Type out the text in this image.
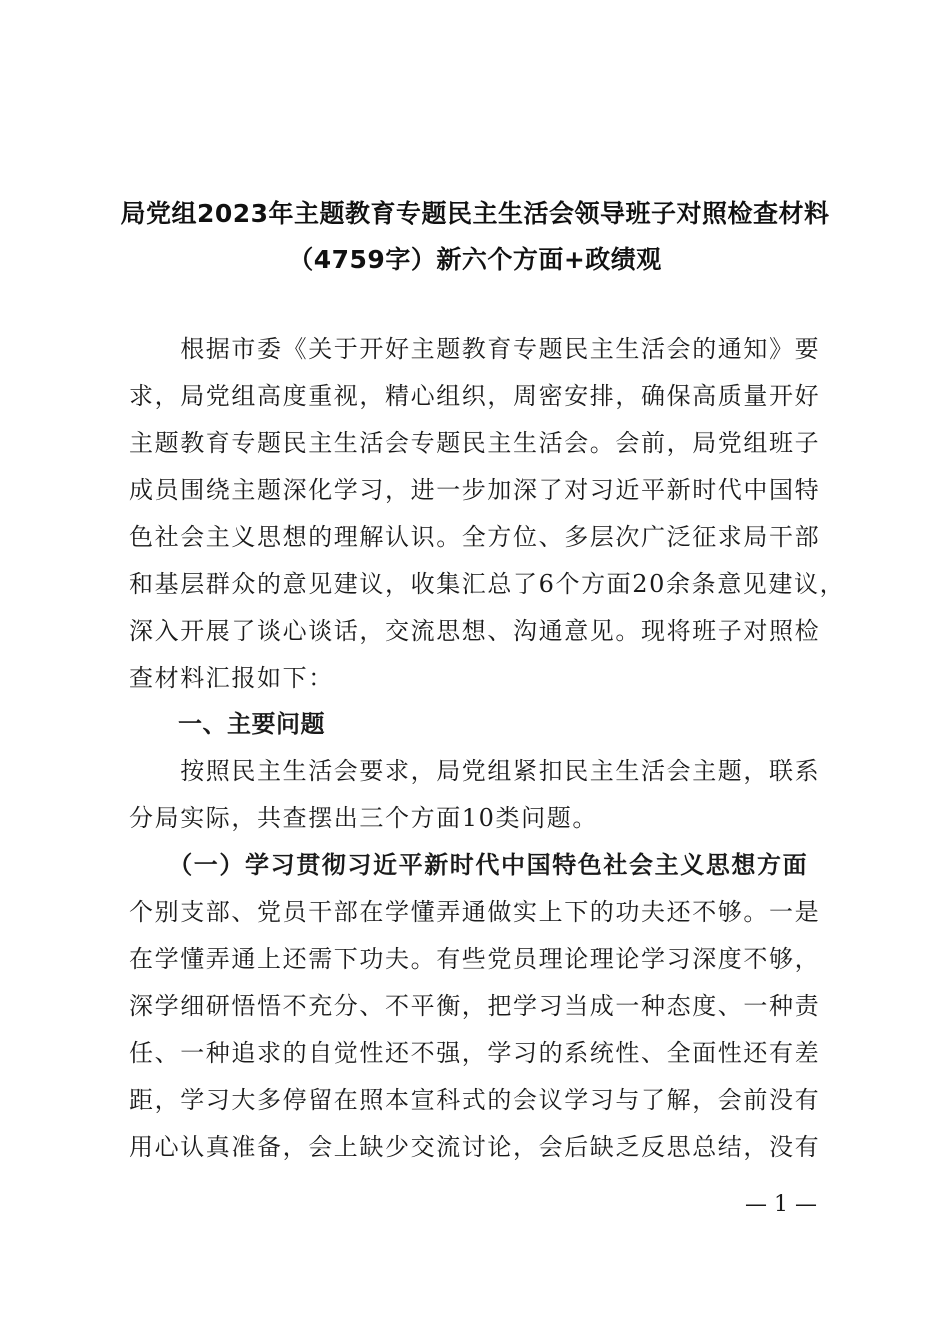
局党组2023年主题教育专题民主生活会领导班子对照检查材料
（4759字）新六个方面+政绩观
　　根据市委《关于开好主题教育专题民主生活会的通知》要
求，局党组高度重视，精心组织，周密安排，确保高质量开好
主题教育专题民主生活会专题民主生活会。会前，局党组班子
成员围绕主题深化学习，进一步加深了对习近平新时代中国特
色社会主义思想的理解认识。全方位、多层次广泛征求局干部
和基层群众的意见建议，收集汇总了6个方面20余条意见建议，
深入开展了谈心谈话，交流思想、沟通意见。现将班子对照检
查材料汇报如下：
　　一、主要问题
　　按照民主生活会要求，局党组紧扣民主生活会主题，联系
分局实际，共查摆出三个方面10类问题。
　　（一）学习贯彻习近平新时代中国特色社会主义思想方面
个别支部、党员干部在学懂弄通做实上下的功夫还不够。一是
在学懂弄通上还需下功夫。有些党员理论理论学习深度不够，
深学细研悟悟不充分、不平衡，把学习当成一种态度、一种责
任、一种追求的自觉性还不强，学习的系统性、全面性还有差
距，学习大多停留在照本宣科式的会议学习与了解，会前没有
用心认真准备，会上缺少交流讨论，会后缺乏反思总结，没有
— 1 —
